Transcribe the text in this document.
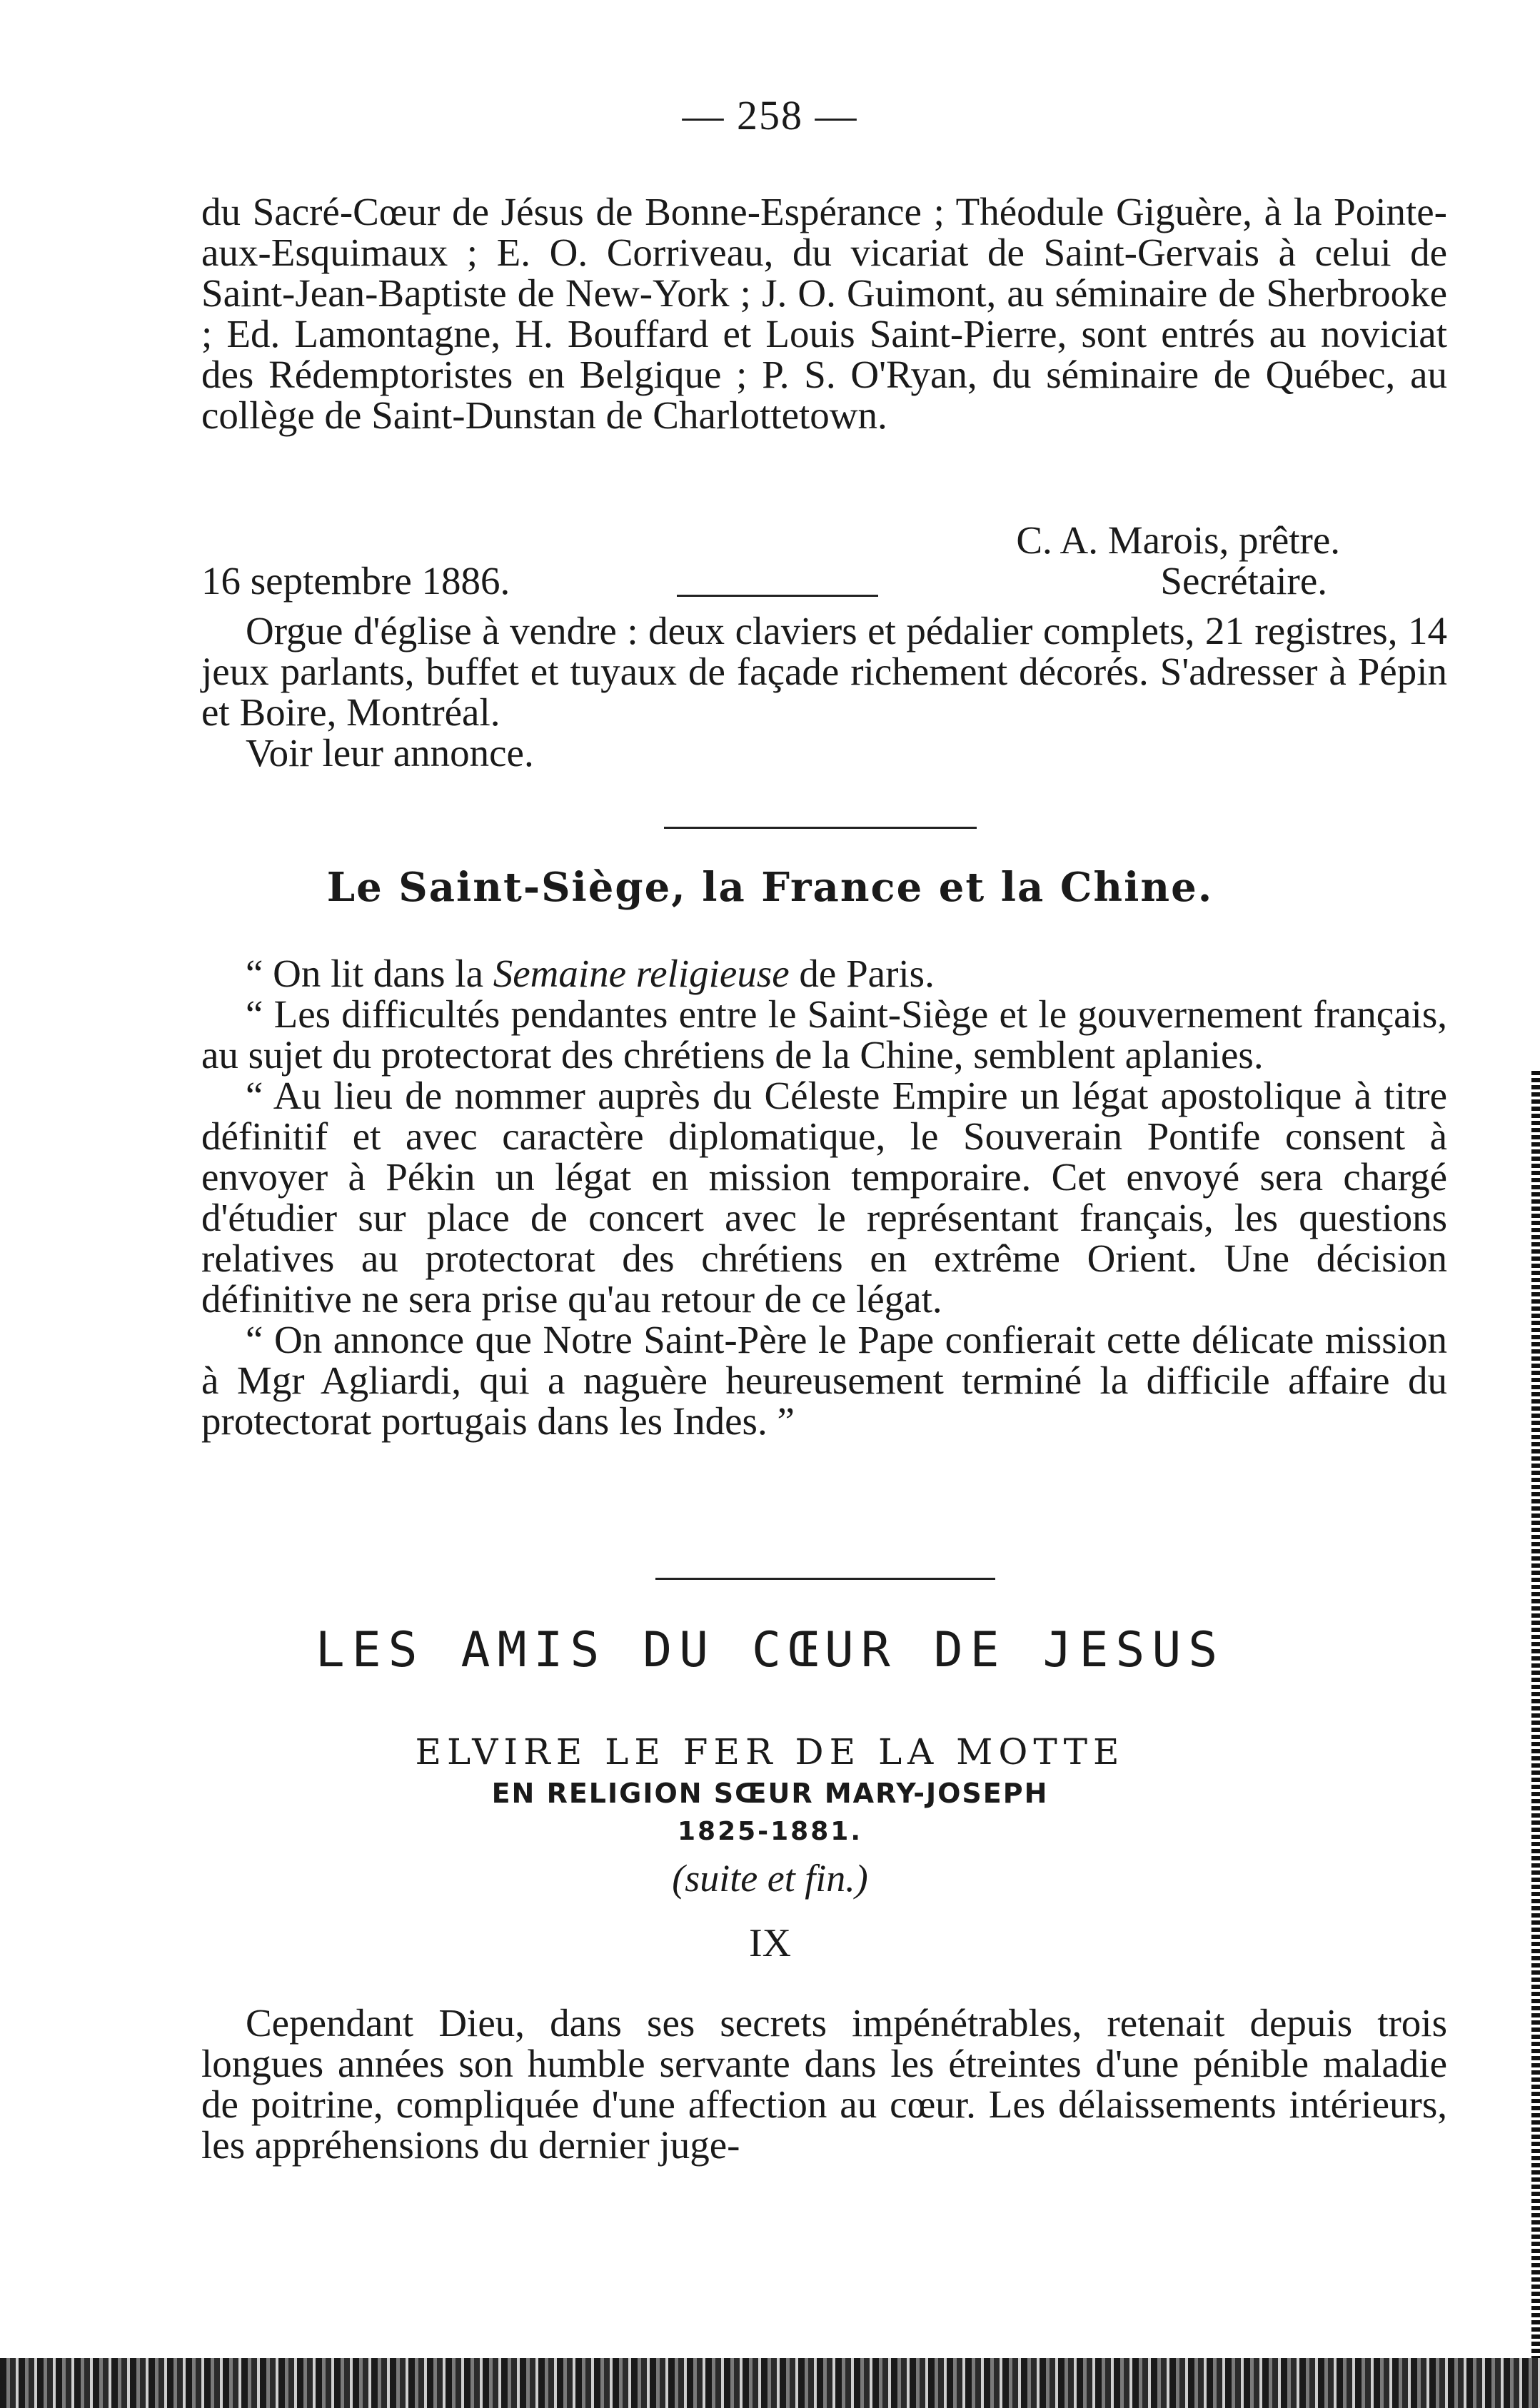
— 258 —

du Sacré-Cœur de Jésus de Bonne-Espérance ; Théodule Giguère, à la Pointe-aux-Esquimaux ; E. O. Corriveau, du vicariat de Saint-Gervais à celui de Saint-Jean-Baptiste de New-York ; J. O. Guimont, au séminaire de Sherbrooke ; Ed. Lamontagne, H. Bouffard et Louis Saint-Pierre, sont entrés au noviciat des Rédemptoristes en Belgique ; P. S. O'Ryan, du séminaire de Québec, au collège de Saint-Dunstan de Charlottetown.

C. A. Marois, prêtre.
16 septembre 1886.	Secrétaire.

Orgue d'église à vendre : deux claviers et pédalier complets, 21 registres, 14 jeux parlants, buffet et tuyaux de façade richement décorés. S'adresser à Pépin et Boire, Montréal.

Voir leur annonce.

Le Saint-Siège, la France et la Chine.

“ On lit dans la Semaine religieuse de Paris.

“ Les difficultés pendantes entre le Saint-Siège et le gouvernement français, au sujet du protectorat des chrétiens de la Chine, semblent aplanies.

“ Au lieu de nommer auprès du Céleste Empire un légat apostolique à titre définitif et avec caractère diplomatique, le Souverain Pontife consent à envoyer à Pékin un légat en mission temporaire. Cet envoyé sera chargé d'étudier sur place de concert avec le représentant français, les questions relatives au protectorat des chrétiens en extrême Orient. Une décision définitive ne sera prise qu'au retour de ce légat.

“ On annonce que Notre Saint-Père le Pape confierait cette délicate mission à Mgr Agliardi, qui a naguère heureusement terminé la difficile affaire du protectorat portugais dans les Indes. ”

LES AMIS DU CŒUR DE JESUS
ELVIRE LE FER DE LA MOTTE
EN RELIGION SŒUR MARY-JOSEPH
1825-1881.
(suite et fin.)
IX

Cependant Dieu, dans ses secrets impénétrables, retenait depuis trois longues années son humble servante dans les étreintes d'une pénible maladie de poitrine, compliquée d'une affection au cœur. Les délaissements intérieurs, les appréhensions du dernier juge-
